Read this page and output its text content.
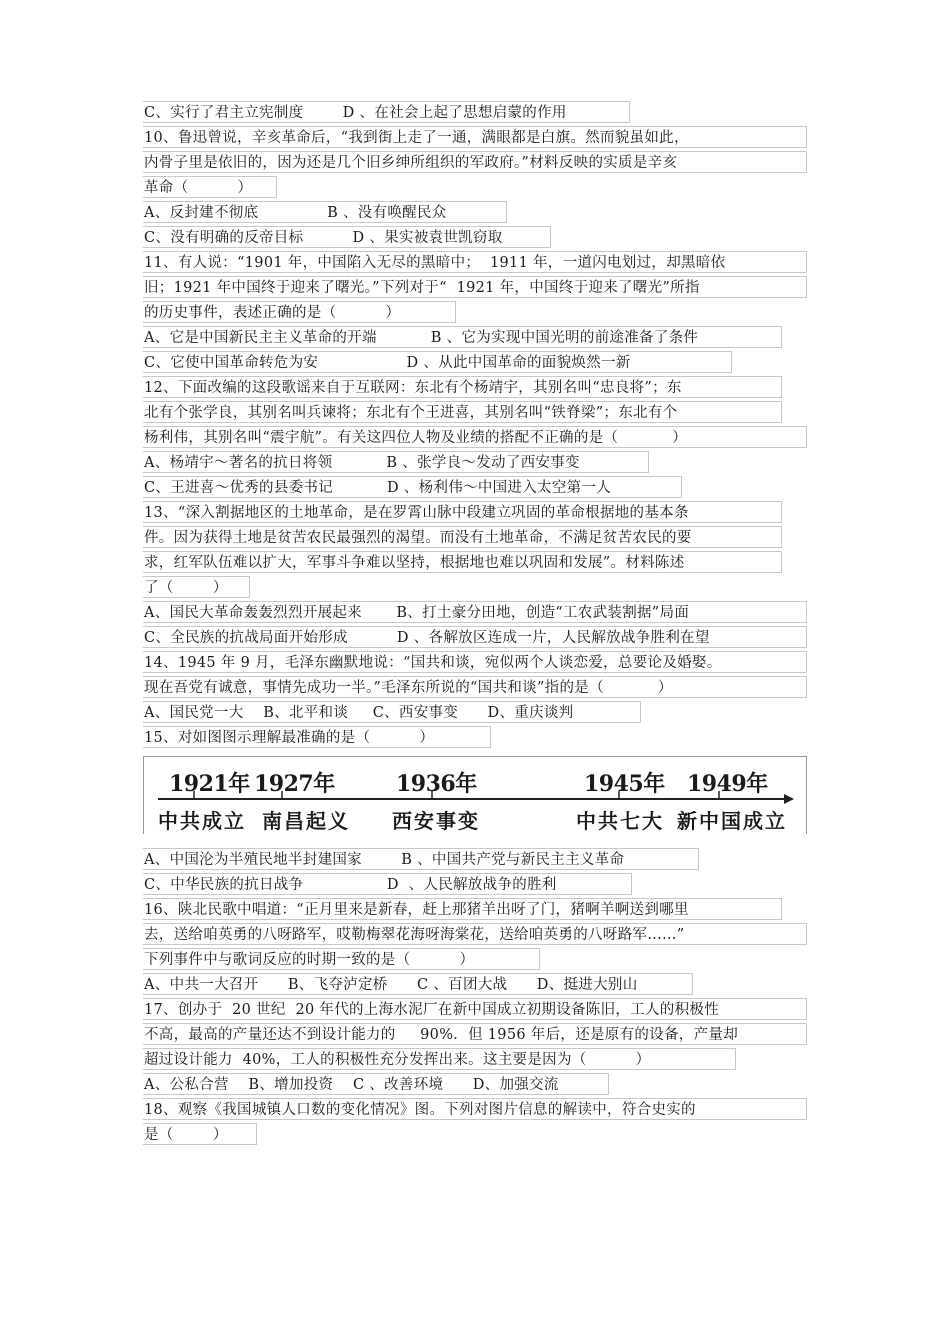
C、实行了君主立宪制度        D 、在社会上起了思想启蒙的作用
10、鲁迅曾说，辛亥革命后，“我到街上走了一通，满眼都是白旗。然而貌虽如此，
内骨子里是依旧的，因为还是几个旧乡绅所组织的军政府。”材料反映的实质是辛亥
革命（          ）
A、反封建不彻底              B 、没有唤醒民众
C、没有明确的反帝目标          D 、果实被袁世凯窃取
11、有人说：“1901 年，中国陷入无尽的黑暗中；  1911 年，一道闪电划过，却黑暗依
旧；1921 年中国终于迎来了曙光。”下列对于“  1921 年，中国终于迎来了曙光”所指
的历史事件，表述正确的是（          ）
A、它是中国新民主主义革命的开端           B 、它为实现中国光明的前途准备了条件
C、它使中国革命转危为安                  D 、从此中国革命的面貌焕然一新
12、下面改编的这段歌谣来自于互联网：东北有个杨靖宇，其别名叫“忠良将”；东
北有个张学良，其别名叫兵谏将；东北有个王进喜，其别名叫“铁脊梁”；东北有个
杨利伟，其别名叫“震宇航”。有关这四位人物及业绩的搭配不正确的是（           ）
A、杨靖宇～著名的抗日将领           B 、张学良～发动了西安事变
C、王进喜～优秀的县委书记           D 、杨利伟～中国进入太空第一人
13、“深入割据地区的土地革命，是在罗霄山脉中段建立巩固的革命根据地的基本条
件。因为获得土地是贫苦农民最强烈的渴望。而没有土地革命，不满足贫苦农民的要
求，红军队伍难以扩大，军事斗争难以坚持，根据地也难以巩固和发展”。材料陈述
了（        ）
A、国民大革命轰轰烈烈开展起来       B、打土豪分田地，创造“工农武装割据”局面
C、全民族的抗战局面开始形成          D 、各解放区连成一片，人民解放战争胜利在望
14、1945 年 9 月，毛泽东幽默地说：“国共和谈，宛似两个人谈恋爱，总要论及婚娶。
现在吾党有诚意，事情先成功一半。”毛泽东所说的“国共和谈”指的是（           ）
A、国民党一大    B、北平和谈     C、西安事变      D、重庆谈判
15、对如图图示理解最准确的是（          ）
1921年 1927年	1936年	1945年 1949年
中共成立 南昌起义 西安事变	中共七大 新中国成立
A、中国沦为半殖民地半封建国家        B 、中国共产党与新民主主义革命
C、中华民族的抗日战争                 D  、人民解放战争的胜利
16、陕北民歌中唱道：“正月里来是新春，赶上那猪羊出呀了门，猪啊羊啊送到哪里
去，送给咱英勇的八呀路军，哎勒梅翠花海呀海棠花，送给咱英勇的八呀路军……”
下列事件中与歌词反应的时期一致的是（          ）
A、中共一大召开      B、飞夺泸定桥      C 、百团大战      D、挺进大别山
17、创办于  20 世纪  20 年代的上海水泥厂在新中国成立初期设备陈旧，工人的积极性
不高，最高的产量还达不到设计能力的     90%．但 1956 年后，还是原有的设备，产量却
超过设计能力  40%，工人的积极性充分发挥出来。这主要是因为（          ）
A、公私合营    B、增加投资    C 、改善环境      D、加强交流
18、观察《我国城镇人口数的变化情况》图。下列对图片信息的解读中，符合史实的
是（        ）
